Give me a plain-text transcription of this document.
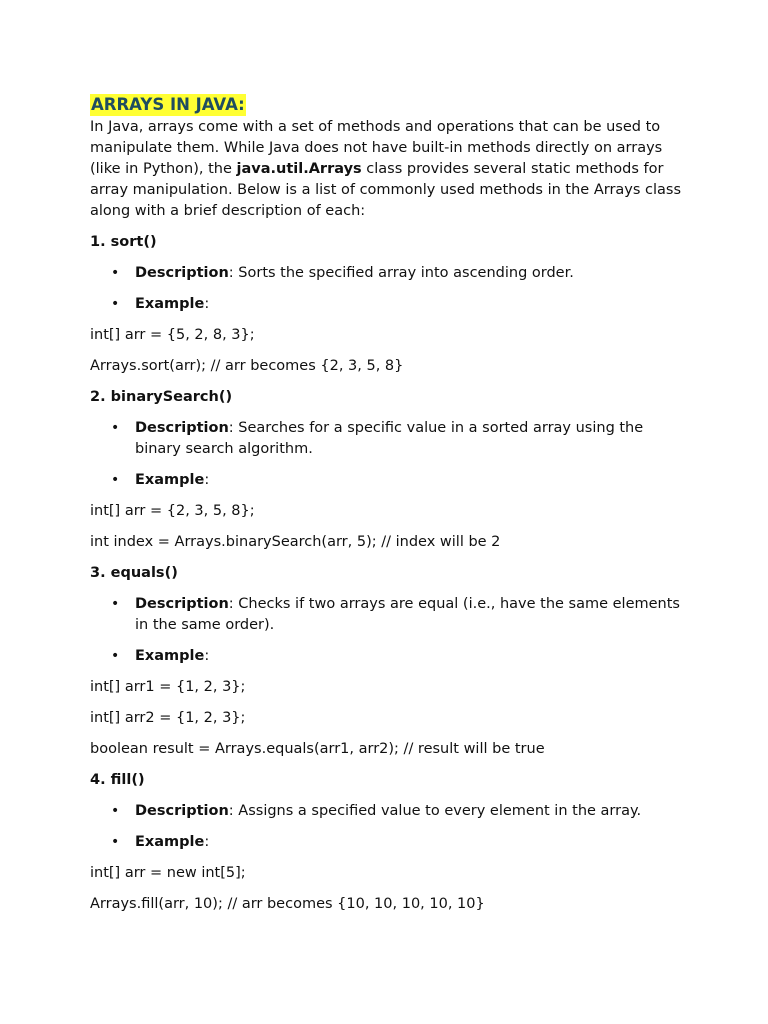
ARRAYS IN JAVA:

In Java, arrays come with a set of methods and operations that can be used to manipulate them. While Java does not have built-in methods directly on arrays (like in Python), the java.util.Arrays class provides several static methods for array manipulation. Below is a list of commonly used methods in the Arrays class along with a brief description of each:

1. sort()

• Description: Sorts the specified array into ascending order.
• Example:

int[] arr = {5, 2, 8, 3};

Arrays.sort(arr); // arr becomes {2, 3, 5, 8}

2. binarySearch()

• Description: Searches for a specific value in a sorted array using the binary search algorithm.
• Example:

int[] arr = {2, 3, 5, 8};

int index = Arrays.binarySearch(arr, 5); // index will be 2

3. equals()

• Description: Checks if two arrays are equal (i.e., have the same elements in the same order).
• Example:

int[] arr1 = {1, 2, 3};

int[] arr2 = {1, 2, 3};

boolean result = Arrays.equals(arr1, arr2); // result will be true

4. fill()

• Description: Assigns a specified value to every element in the array.
• Example:

int[] arr = new int[5];

Arrays.fill(arr, 10); // arr becomes {10, 10, 10, 10, 10}
